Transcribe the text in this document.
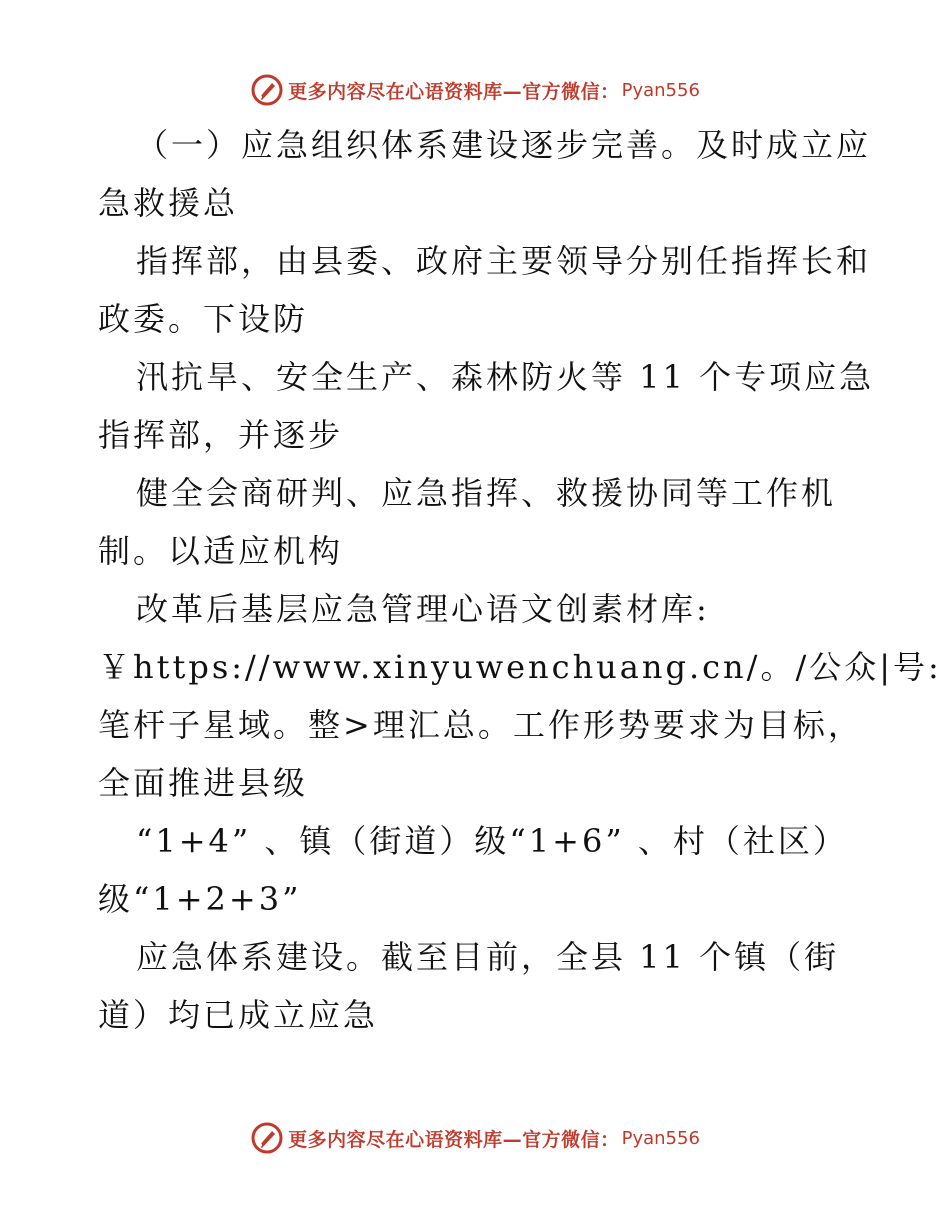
更多内容尽在心语资料库—官方微信： Pyan556

（一）应急组织体系建设逐步完善。及时成立应
急救援总

指挥部，由县委、政府主要领导分别任指挥长和
政委。下设防

汛抗旱、安全生产、森林防火等 11 个专项应急
指挥部，并逐步

健全会商研判、应急指挥、救援协同等工作机
制。以适应机构

改革后基层应急管理心语文创素材库:
￥https://www.xinyuwenchuang.cn/。/公众|号:
笔杆子星域。整>理汇总。工作形势要求为目标，
全面推进县级

“1+4” 、镇（街道）级“1+6” 、村（社区）
级“1+2+3”

应急体系建设。截至目前，全县 11 个镇（街
道）均已成立应急

更多内容尽在心语资料库—官方微信： Pyan556
